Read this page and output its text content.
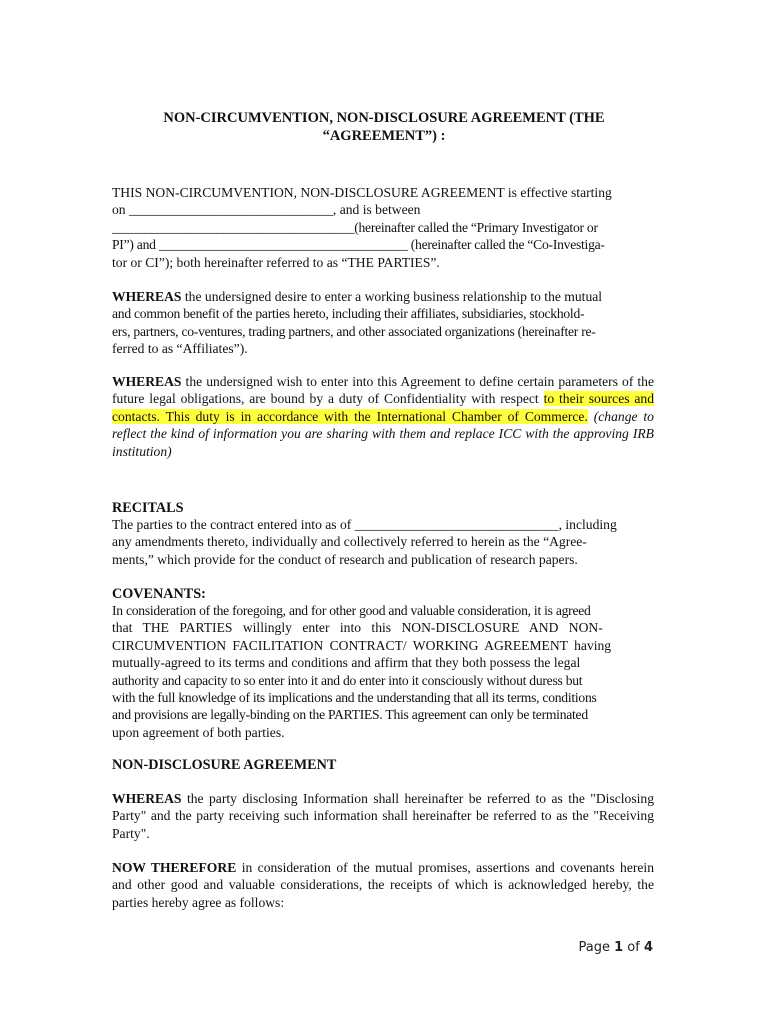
NON-CIRCUMVENTION, NON-DISCLOSURE AGREEMENT (THE
“AGREEMENT”) :
THIS NON-CIRCUMVENTION, NON-DISCLOSURE AGREEMENT is effective starting
on ______________________________, and is between
_____________________________________(hereinafter called the “Primary Investigator or
PI”) and ______________________________________ (hereinafter called the “Co-Investiga-
tor or CI”); both hereinafter referred to as “THE PARTIES”.
WHEREAS the undersigned desire to enter a working business relationship to the mutual
and common benefit of the parties hereto, including their affiliates, subsidiaries, stockhold-
ers, partners, co-ventures, trading partners, and other associated organizations (hereinafter re-
ferred to as “Affiliates”).

WHEREAS the undersigned wish to enter into this Agreement to define certain parameters of the future legal obligations, are bound by a duty of Confidentiality with respect to their sources and contacts. This duty is in accordance with the International Chamber of Commerce. (change to reflect the kind of information you are sharing with them and replace ICC with the approving IRB institution)

RECITALS
The parties to the contract entered into as of ______________________________, including
any amendments thereto, individually and collectively referred to herein as the “Agree-
ments,” which provide for the conduct of research and publication of research papers.
COVENANTS:
In consideration of the foregoing, and for other good and valuable consideration, it is agreed
that THE PARTIES willingly enter into this NON-DISCLOSURE AND NON-
CIRCUMVENTION FACILITATION CONTRACT/ WORKING AGREEMENT having
mutually-agreed to its terms and conditions and affirm that they both possess the legal
authority and capacity to so enter into it and do enter into it consciously without duress but
with the full knowledge of its implications and the understanding that all its terms, conditions
and provisions are legally-binding on the PARTIES. This agreement can only be terminated
upon agreement of both parties.
NON-DISCLOSURE AGREEMENT

WHEREAS the party disclosing Information shall hereinafter be referred to as the "Disclosing Party" and the party receiving such information shall hereinafter be referred to as the "Receiving Party".

NOW THEREFORE in consideration of the mutual promises, assertions and covenants herein and other good and valuable considerations, the receipts of which is acknowledged hereby, the parties hereby agree as follows:

Page 1 of 4
